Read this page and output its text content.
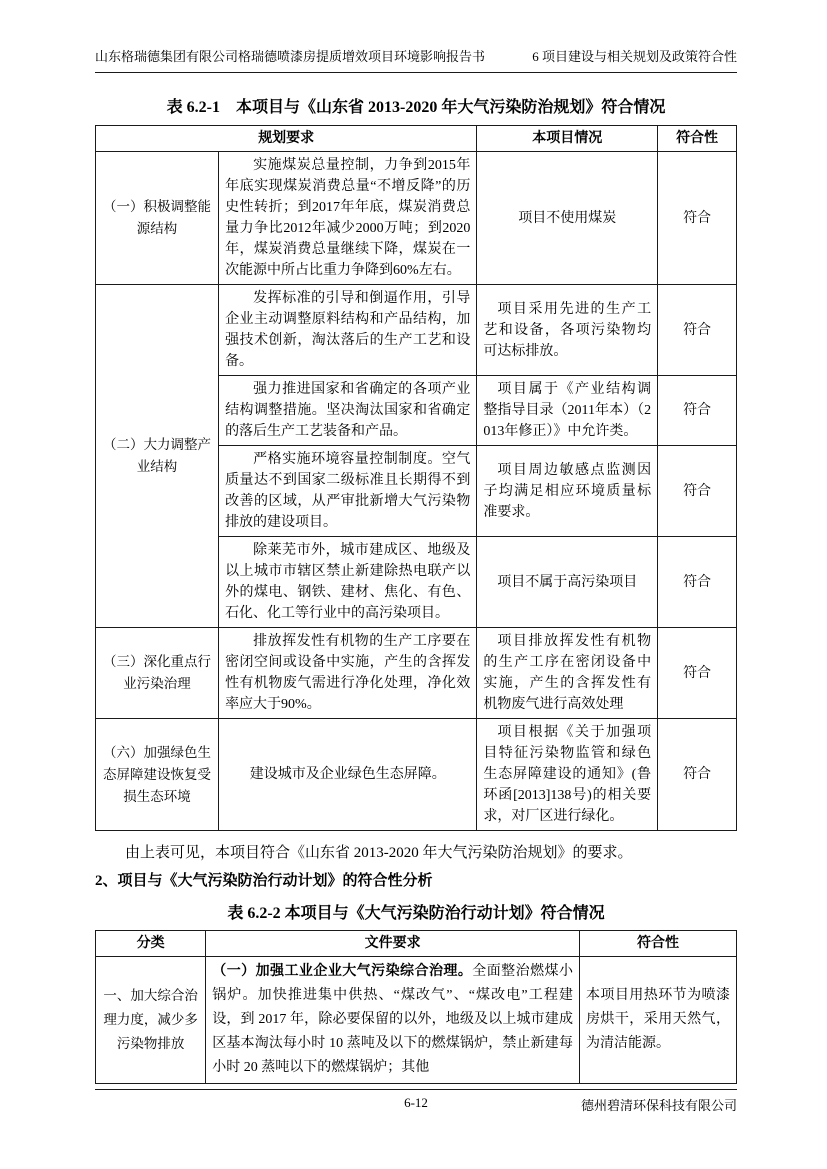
山东格瑞德集团有限公司格瑞德喷漆房提质增效项目环境影响报告书	6 项目建设与相关规划及政策符合性
表 6.2-1　本项目与《山东省 2013-2020 年大气污染防治规划》符合情况
规划要求		本项目情况	符合性
（一）积极调整能源结构	实施煤炭总量控制，力争到2015年年底实现煤炭消费总量“不增反降”的历史性转折；到2017年年底，煤炭消费总量力争比2012年减少2000万吨；到2020年，煤炭消费总量继续下降，煤炭在一次能源中所占比重力争降到60%左右。	项目不使用煤炭	符合
（二）大力调整产业结构	发挥标准的引导和倒逼作用，引导企业主动调整原料结构和产品结构，加强技术创新，淘汰落后的生产工艺和设备。	项目采用先进的生产工艺和设备，各项污染物均可达标排放。	符合
	强力推进国家和省确定的各项产业结构调整措施。坚决淘汰国家和省确定的落后生产工艺装备和产品。	项目属于《产业结构调整指导目录（2011年本）（2013年修正）》中允许类。	符合
	严格实施环境容量控制制度。空气质量达不到国家二级标准且长期得不到改善的区域，从严审批新增大气污染物排放的建设项目。	项目周边敏感点监测因子均满足相应环境质量标准要求。	符合
	除莱芜市外，城市建成区、地级及以上城市市辖区禁止新建除热电联产以外的煤电、钢铁、建材、焦化、有色、石化、化工等行业中的高污染项目。	项目不属于高污染项目	符合
（三）深化重点行业污染治理	排放挥发性有机物的生产工序要在密闭空间或设备中实施，产生的含挥发性有机物废气需进行净化处理，净化效率应大于90%。	项目排放挥发性有机物的生产工序在密闭设备中实施，产生的含挥发性有机物废气进行高效处理	符合
（六）加强绿色生态屏障建设恢复受损生态环境	建设城市及企业绿色生态屏障。	项目根据《关于加强项目特征污染物监管和绿色生态屏障建设的通知》(鲁环函[2013]138号)的相关要求，对厂区进行绿化。	符合

由上表可见，本项目符合《山东省 2013-2020 年大气污染防治规划》的要求。

2、项目与《大气污染防治行动计划》的符合性分析
表 6.2-2 本项目与《大气污染防治行动计划》符合情况
分类	文件要求	符合性
一、加大综合治理力度，减少多污染物排放	（一）加强工业企业大气污染综合治理。全面整治燃煤小锅炉。加快推进集中供热、“煤改气”、“煤改电”工程建设，到 2017 年，除必要保留的以外，地级及以上城市建成区基本淘汰每小时 10 蒸吨及以下的燃煤锅炉，禁止新建每小时 20 蒸吨以下的燃煤锅炉；其他	本项目用热环节为喷漆房烘干，采用天然气，为清洁能源。
6-12	德州碧清环保科技有限公司
